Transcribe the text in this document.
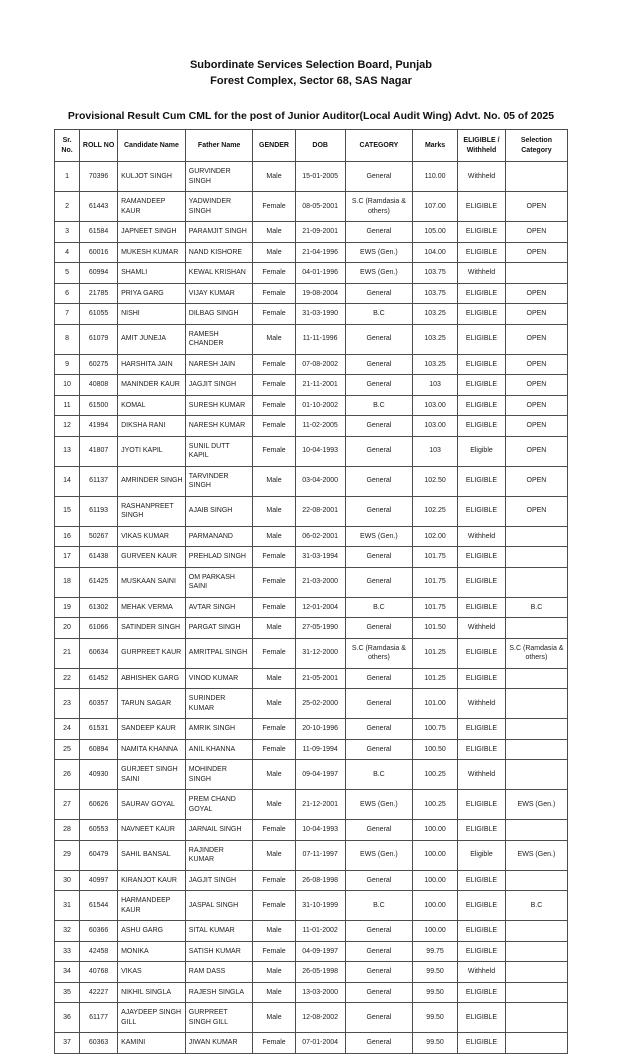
Subordinate Services Selection Board, Punjab
Forest Complex, Sector 68, SAS Nagar
Provisional Result Cum CML for the post of Junior Auditor(Local Audit Wing) Advt. No. 05 of 2025
Sr. No.	ROLL NO	Candidate Name	Father Name	GENDER	DOB	CATEGORY	Marks	ELIGIBLE / Withheld	Selection Category
1	70396	KULJOT SINGH	GURVINDER SINGH	Male	15-01-2005	General	110.00	Withheld	
2	61443	RAMANDEEP KAUR	YADWINDER SINGH	Female	08-05-2001	S.C (Ramdasia & others)	107.00	ELIGIBLE	OPEN
3	61584	JAPNEET SINGH	PARAMJIT SINGH	Male	21-09-2001	General	105.00	ELIGIBLE	OPEN
4	60016	MUKESH KUMAR	NAND KISHORE	Male	21-04-1996	EWS (Gen.)	104.00	ELIGIBLE	OPEN
5	60994	SHAMLI	KEWAL KRISHAN	Female	04-01-1996	EWS (Gen.)	103.75	Withheld	
6	21785	PRIYA GARG	VIJAY KUMAR	Female	19-08-2004	General	103.75	ELIGIBLE	OPEN
7	61055	NISHI	DILBAG SINGH	Female	31-03-1990	B.C	103.25	ELIGIBLE	OPEN
8	61079	AMIT JUNEJA	RAMESH CHANDER	Male	11-11-1996	General	103.25	ELIGIBLE	OPEN
9	60275	HARSHITA JAIN	NARESH JAIN	Female	07-08-2002	General	103.25	ELIGIBLE	OPEN
10	40808	MANINDER KAUR	JAGJIT SINGH	Female	21-11-2001	General	103	ELIGIBLE	OPEN
11	61500	KOMAL	SURESH KUMAR	Female	01-10-2002	B.C	103.00	ELIGIBLE	OPEN
12	41994	DIKSHA RANI	NARESH KUMAR	Female	11-02-2005	General	103.00	ELIGIBLE	OPEN
13	41807	JYOTI KAPIL	SUNIL DUTT KAPIL	Female	10-04-1993	General	103	Eligible	OPEN
14	61137	AMRINDER SINGH	TARVINDER SINGH	Male	03-04-2000	General	102.50	ELIGIBLE	OPEN
15	61193	RASHANPREET SINGH	AJAIB SINGH	Male	22-08-2001	General	102.25	ELIGIBLE	OPEN
16	50267	VIKAS KUMAR	PARMANAND	Male	06-02-2001	EWS (Gen.)	102.00	Withheld	
17	61438	GURVEEN KAUR	PREHLAD SINGH	Female	31-03-1994	General	101.75	ELIGIBLE	
18	61425	MUSKAAN SAINI	OM PARKASH SAINI	Female	21-03-2000	General	101.75	ELIGIBLE	
19	61302	MEHAK VERMA	AVTAR SINGH	Female	12-01-2004	B.C	101.75	ELIGIBLE	B.C
20	61066	SATINDER SINGH	PARGAT SINGH	Male	27-05-1990	General	101.50	Withheld	
21	60634	GURPREET KAUR	AMRITPAL SINGH	Female	31-12-2000	S.C (Ramdasia & others)	101.25	ELIGIBLE	S.C (Ramdasia & others)
22	61452	ABHISHEK GARG	VINOD KUMAR	Male	21-05-2001	General	101.25	ELIGIBLE	
23	60357	TARUN SAGAR	SURINDER KUMAR	Male	25-02-2000	General	101.00	Withheld	
24	61531	SANDEEP KAUR	AMRIK SINGH	Female	20-10-1996	General	100.75	ELIGIBLE	
25	60894	NAMITA KHANNA	ANIL KHANNA	Female	11-09-1994	General	100.50	ELIGIBLE	
26	40930	GURJEET SINGH SAINI	MOHINDER SINGH	Male	09-04-1997	B.C	100.25	Withheld	
27	60626	SAURAV GOYAL	PREM CHAND GOYAL	Male	21-12-2001	EWS (Gen.)	100.25	ELIGIBLE	EWS (Gen.)
28	60553	NAVNEET KAUR	JARNAIL SINGH	Female	10-04-1993	General	100.00	ELIGIBLE	
29	60479	SAHIL BANSAL	RAJINDER KUMAR	Male	07-11-1997	EWS (Gen.)	100.00	Eligible	EWS (Gen.)
30	40997	KIRANJOT KAUR	JAGJIT SINGH	Female	26-08-1998	General	100.00	ELIGIBLE	
31	61544	HARMANDEEP KAUR	JASPAL SINGH	Female	31-10-1999	B.C	100.00	ELIGIBLE	B.C
32	60366	ASHU GARG	SITAL KUMAR	Male	11-01-2002	General	100.00	ELIGIBLE	
33	42458	MONIKA	SATISH KUMAR	Female	04-09-1997	General	99.75	ELIGIBLE	
34	40768	VIKAS	RAM DASS	Male	26-05-1998	General	99.50	Withheld	
35	42227	NIKHIL SINGLA	RAJESH SINGLA	Male	13-03-2000	General	99.50	ELIGIBLE	
36	61177	AJAYDEEP SINGH GILL	GURPREET SINGH GILL	Male	12-08-2002	General	99.50	ELIGIBLE	
37	60363	KAMINI	JIWAN KUMAR	Female	07-01-2004	General	99.50	ELIGIBLE	
